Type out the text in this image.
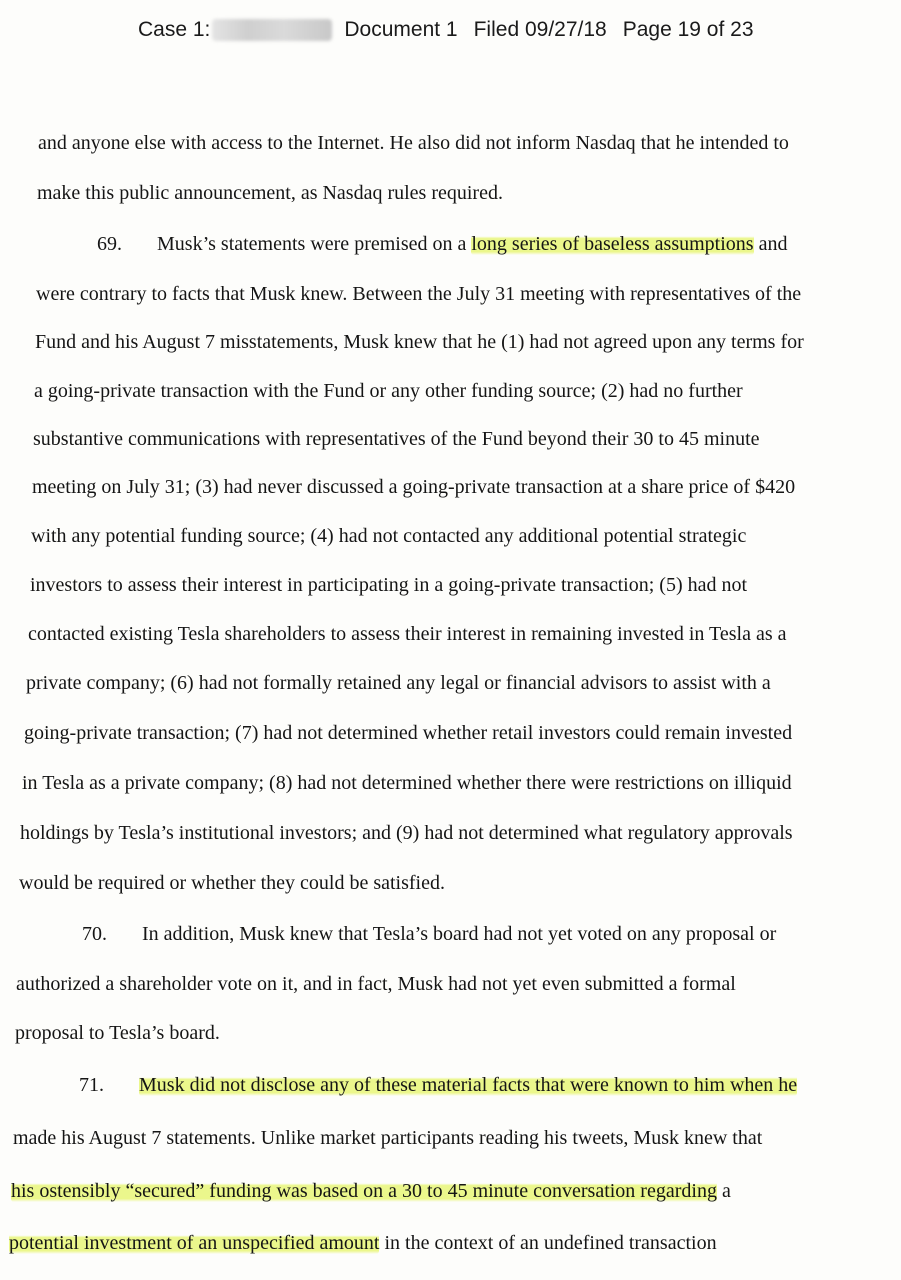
Case 1:	Document 1 Filed 09/27/18 Page 19 of 23
and anyone else with access to the Internet. He also did not inform Nasdaq that he intended to
make this public announcement, as Nasdaq rules required.
69. Musk’s statements were premised on a long series of baseless assumptions and
were contrary to facts that Musk knew. Between the July 31 meeting with representatives of the
Fund and his August 7 misstatements, Musk knew that he (1) had not agreed upon any terms for
a going-private transaction with the Fund or any other funding source; (2) had no further
substantive communications with representatives of the Fund beyond their 30 to 45 minute
meeting on July 31; (3) had never discussed a going-private transaction at a share price of $420
with any potential funding source; (4) had not contacted any additional potential strategic
investors to assess their interest in participating in a going-private transaction; (5) had not
contacted existing Tesla shareholders to assess their interest in remaining invested in Tesla as a
private company; (6) had not formally retained any legal or financial advisors to assist with a
going-private transaction; (7) had not determined whether retail investors could remain invested
in Tesla as a private company; (8) had not determined whether there were restrictions on illiquid
holdings by Tesla’s institutional investors; and (9) had not determined what regulatory approvals
would be required or whether they could be satisfied.
70. In addition, Musk knew that Tesla’s board had not yet voted on any proposal or
authorized a shareholder vote on it, and in fact, Musk had not yet even submitted a formal
proposal to Tesla’s board.
71. Musk did not disclose any of these material facts that were known to him when he
made his August 7 statements. Unlike market participants reading his tweets, Musk knew that
his ostensibly “secured” funding was based on a 30 to 45 minute conversation regarding a
potential investment of an unspecified amount in the context of an undefined transaction
